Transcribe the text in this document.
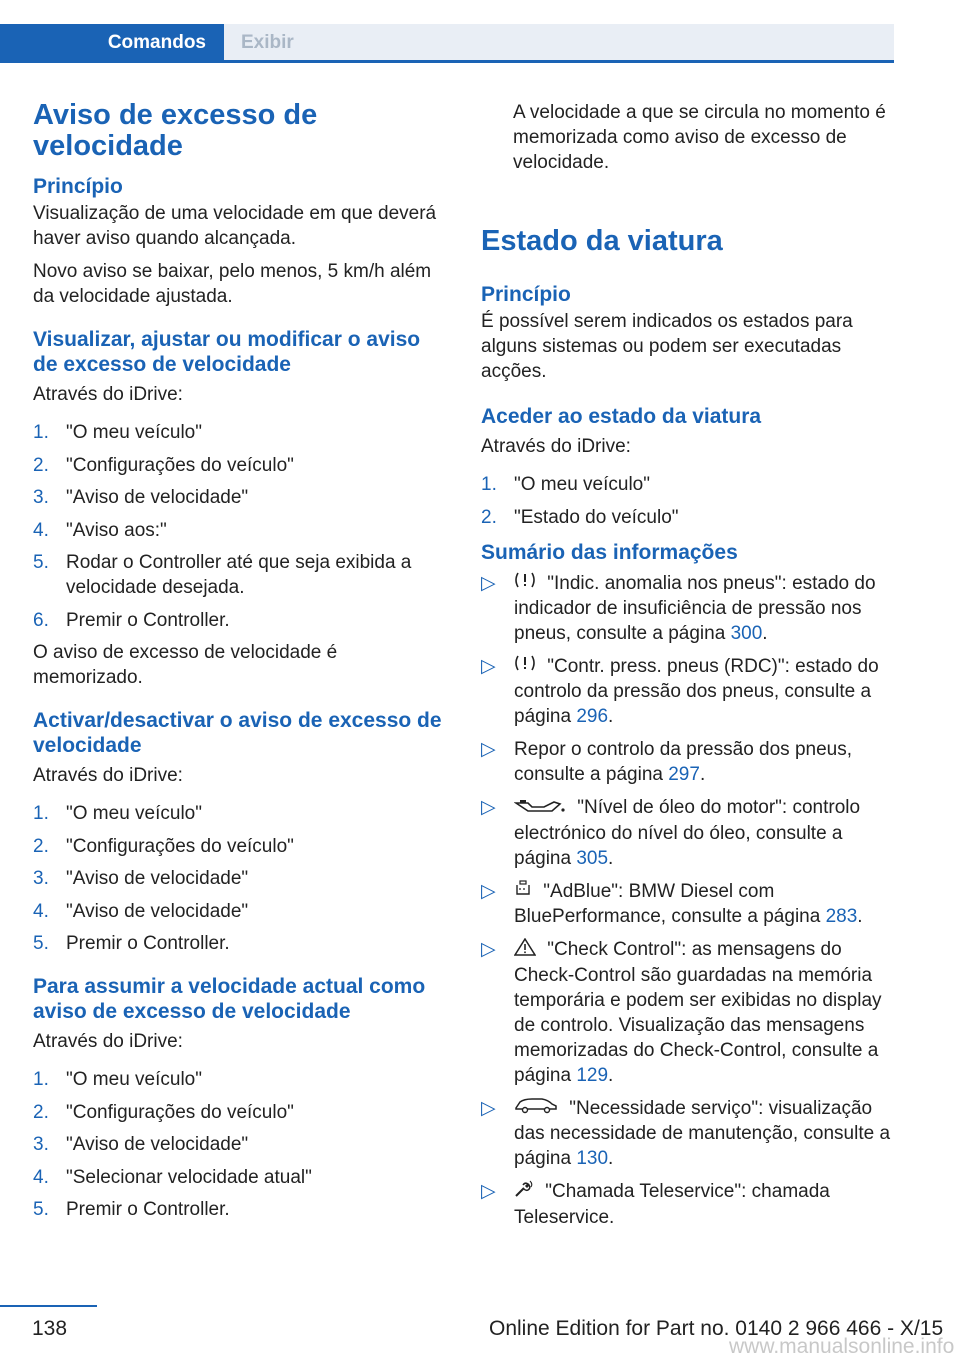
Comandos	Exibir
Aviso de excesso de velocidade
Princípio

Visualização de uma velocidade em que deverá haver aviso quando alcançada.

Novo aviso se baixar, pelo menos, 5 km/h além da velocidade ajustada.

Visualizar, ajustar ou modificar o aviso de excesso de velocidade

Através do iDrive:

1. "O meu veículo"
2. "Configurações do veículo"
3. "Aviso de velocidade"
4. "Aviso aos:"
5. Rodar o Controller até que seja exibida a velocidade desejada.
6. Premir o Controller.

O aviso de excesso de velocidade é memorizado.

Activar/desactivar o aviso de excesso de velocidade

Através do iDrive:

1. "O meu veículo"
2. "Configurações do veículo"
3. "Aviso de velocidade"
4. "Aviso de velocidade"
5. Premir o Controller.
Para assumir a velocidade actual como aviso de excesso de velocidade

Através do iDrive:

1. "O meu veículo"
2. "Configurações do veículo"
3. "Aviso de velocidade"
4. "Selecionar velocidade atual"
5. Premir o Controller.

A velocidade a que se circula no momento é memorizada como aviso de excesso de velocidade.

Estado da viatura
Princípio

É possível serem indicados os estados para alguns sistemas ou podem ser executadas acções.

Aceder ao estado da viatura

Através do iDrive:

1. "O meu veículo"
2. "Estado do veículo"
Sumário das informações
▷ "Indic. anomalia nos pneus": estado do indicador de insuficiência de pressão nos pneus, consulte a página 300.
▷ "Contr. press. pneus (RDC)": estado do controlo da pressão dos pneus, consulte a página 296.
▷ Repor o controlo da pressão dos pneus, consulte a página 297.
▷	"Nível de óleo do motor": controlo electrónico do nível do óleo, consulte a página 305.
▷ "AdBlue": BMW Diesel com BluePerformance, consulte a página 283.
▷ "Check Control": as mensagens do Check-Control são guardadas na memória temporária e podem ser exibidas no display de controlo. Visualização das mensagens memorizadas do Check-Control, consulte a página 129.
▷	"Necessidade serviço": visualização das necessidade de manutenção, consulte a página 130.
▷ "Chamada Teleservice": chamada Teleservice.
138	Online Edition for Part no. 0140 2 966 466 - X/15
www.manualsonline.info
